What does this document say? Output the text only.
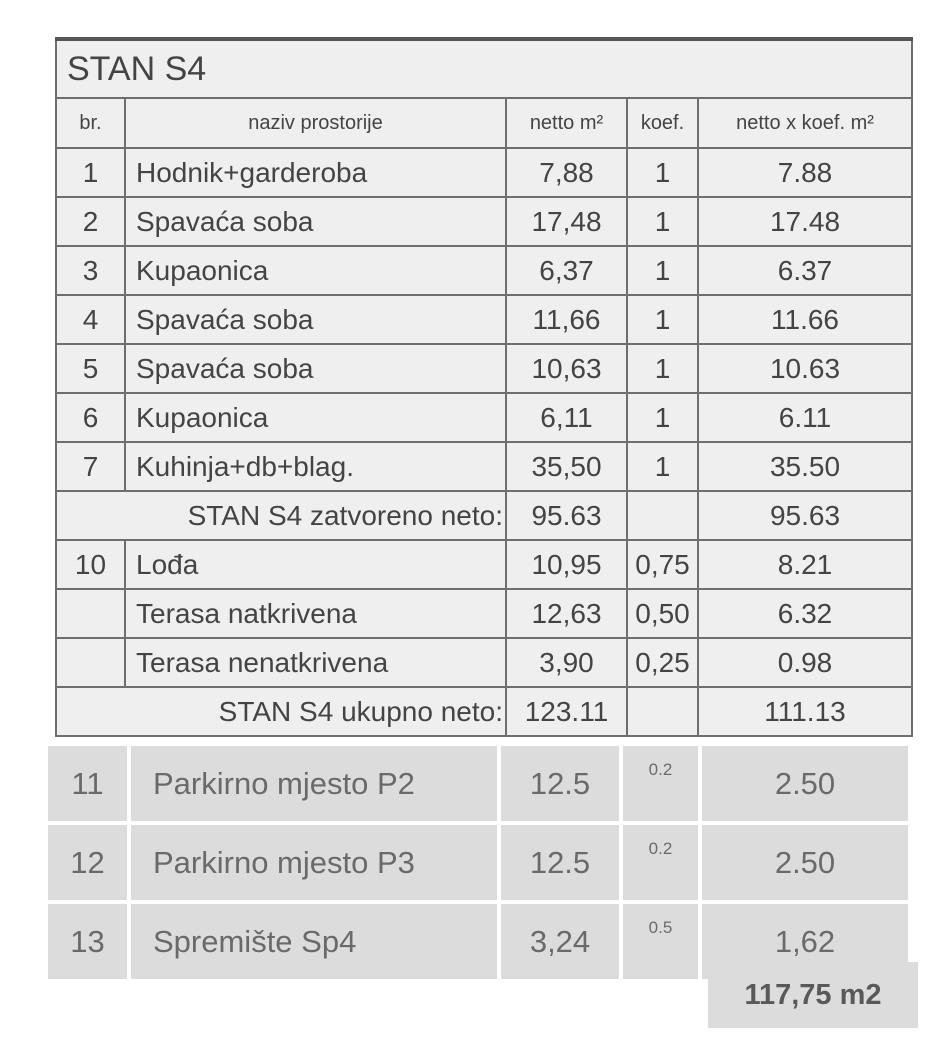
STAN S4				
br.	naziv prostorije	netto m²	koef.	netto x koef. m²
1	Hodnik+garderoba	7,88	1	7.88
2	Spavaća soba	17,48	1	17.48
3	Kupaonica	6,37	1	6.37
4	Spavaća soba	11,66	1	11.66
5	Spavaća soba	10,63	1	10.63
6	Kupaonica	6,11	1	6.11
7	Kuhinja+db+blag.	35,50	1	35.50
STAN S4 zatvoreno neto:		95.63		95.63
10	Lođa	10,95	0,75	8.21
	Terasa natkrivena	12,63	0,50	6.32
	Terasa nenatkrivena	3,90	0,25	0.98
STAN S4 ukupno neto:		123.11		111.13
11	Parkirno mjesto P2	12.5	0.2	2.50
12	Parkirno mjesto P3	12.5	0.2	2.50
13	Spremište Sp4	3,24	0.5	1,62
117,75 m2
